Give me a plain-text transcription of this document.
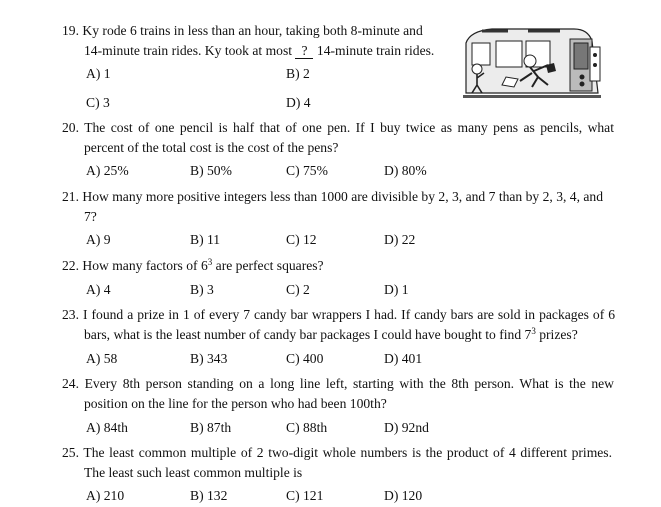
19. Ky rode 6 trains in less than an hour, taking both 8-minute and
14-minute train rides. Ky took at most ? 14-minute train rides.
A) 1	B) 2
C) 3	D) 4
20. The cost of one pencil is half that of one pen. If I buy twice as many pens as pencils, what
percent of the total cost is the cost of the pens?
A) 25%	B) 50%	C) 75%	D) 80%
21. How many more positive integers less than 1000 are divisible by 2, 3, and 7 than by 2, 3, 4, and
7?
A) 9	B) 11	C) 12	D) 22
22. How many factors of $6^3$ are perfect squares?
A) 4	B) 3	C) 2	D) 1
23. I found a prize in 1 of every 7 candy bar wrappers I had. If candy bars are sold in packages of 6
bars, what is the least number of candy bar packages I could have bought to find $7^3$ prizes?
A) 58	B) 343	C) 400	D) 401
24. Every 8th person standing on a long line left, starting with the 8th person. What is the new
position on the line for the person who had been 100th?
A) 84th	B) 87th	C) 88th	D) 92nd
25. The least common multiple of 2 two-digit whole numbers is the product of 4 different primes.
The least such least common multiple is
A) 210	B) 132	C) 121	D) 120
